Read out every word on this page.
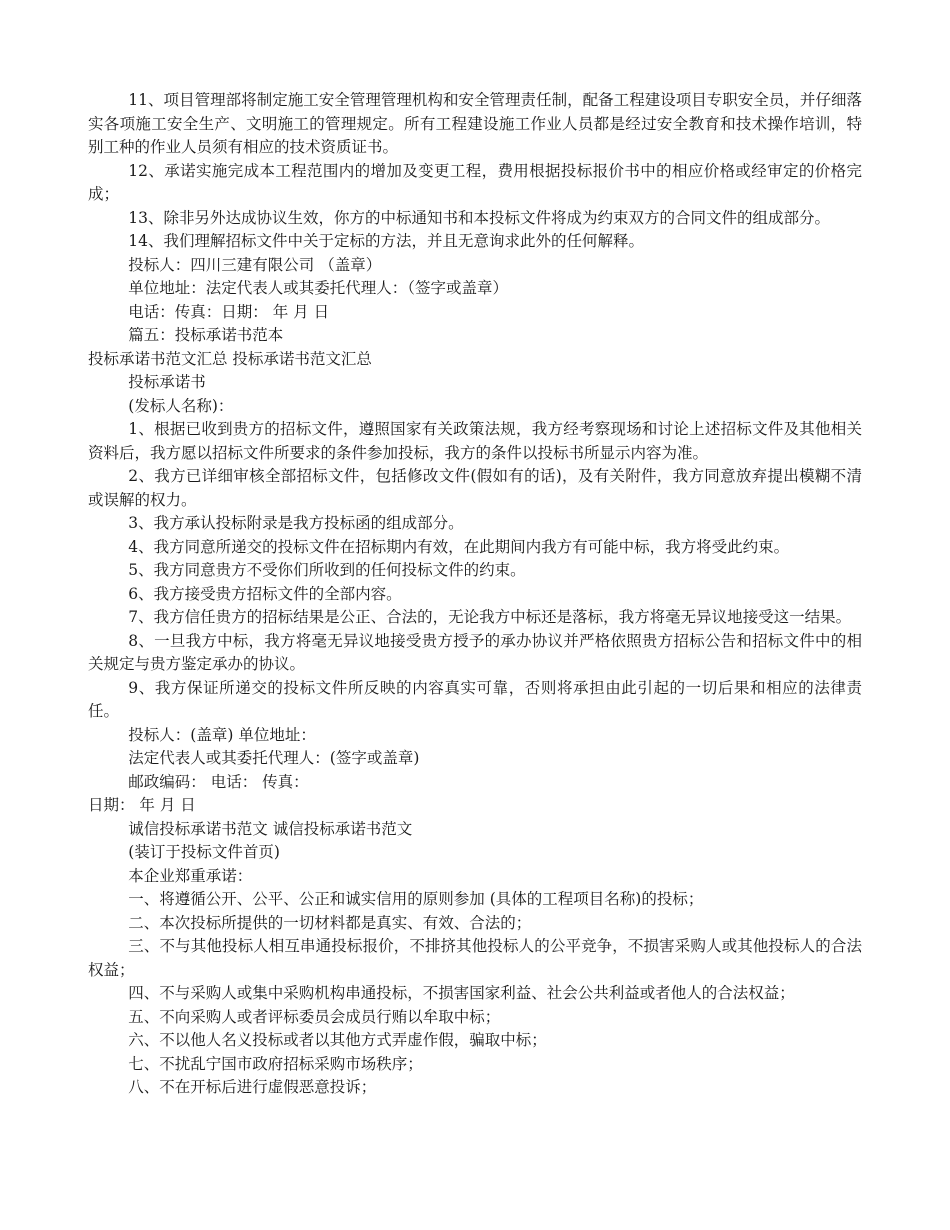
11、项目管理部将制定施工安全管理管理机构和安全管理责任制，配备工程建设项目专职安全员，并仔细落实各项施工安全生产、文明施工的管理规定。所有工程建设施工作业人员都是经过安全教育和技术操作培训，特别工种的作业人员须有相应的技术资质证书。

12、承诺实施完成本工程范围内的增加及变更工程，费用根据投标报价书中的相应价格或经审定的价格完成；

13、除非另外达成协议生效，你方的中标通知书和本投标文件将成为约束双方的合同文件的组成部分。

14、我们理解招标文件中关于定标的方法，并且无意询求此外的任何解释。

投标人：四川三建有限公司 （盖章）

单位地址：法定代表人或其委托代理人：（签字或盖章）

电话：传真：日期： 年 月 日

篇五：投标承诺书范本

投标承诺书范文汇总 投标承诺书范文汇总

投标承诺书

(发标人名称)：

1、根据已收到贵方的招标文件，遵照国家有关政策法规，我方经考察现场和讨论上述招标文件及其他相关资料后，我方愿以招标文件所要求的条件参加投标，我方的条件以投标书所显示内容为准。

2、我方已详细审核全部招标文件，包括修改文件(假如有的话)，及有关附件，我方同意放弃提出模糊不清或误解的权力。

3、我方承认投标附录是我方投标函的组成部分。

4、我方同意所递交的投标文件在招标期内有效，在此期间内我方有可能中标，我方将受此约束。

5、我方同意贵方不受你们所收到的任何投标文件的约束。

6、我方接受贵方招标文件的全部内容。

7、我方信任贵方的招标结果是公正、合法的，无论我方中标还是落标，我方将毫无异议地接受这一结果。

8、一旦我方中标，我方将毫无异议地接受贵方授予的承办协议并严格依照贵方招标公告和招标文件中的相关规定与贵方鉴定承办的协议。

9、我方保证所递交的投标文件所反映的内容真实可靠，否则将承担由此引起的一切后果和相应的法律责任。

投标人：(盖章) 单位地址：

法定代表人或其委托代理人：(签字或盖章)

邮政编码： 电话： 传真：

日期： 年 月 日

诚信投标承诺书范文 诚信投标承诺书范文

(装订于投标文件首页)

本企业郑重承诺：

一、将遵循公开、公平、公正和诚实信用的原则参加 (具体的工程项目名称)的投标；

二、本次投标所提供的一切材料都是真实、有效、合法的；

三、不与其他投标人相互串通投标报价，不排挤其他投标人的公平竞争，不损害采购人或其他投标人的合法权益；

四、不与采购人或集中采购机构串通投标，不损害国家利益、社会公共利益或者他人的合法权益；

五、不向采购人或者评标委员会成员行贿以牟取中标；

六、不以他人名义投标或者以其他方式弄虚作假，骗取中标；

七、不扰乱宁国市政府招标采购市场秩序；

八、不在开标后进行虚假恶意投诉；
